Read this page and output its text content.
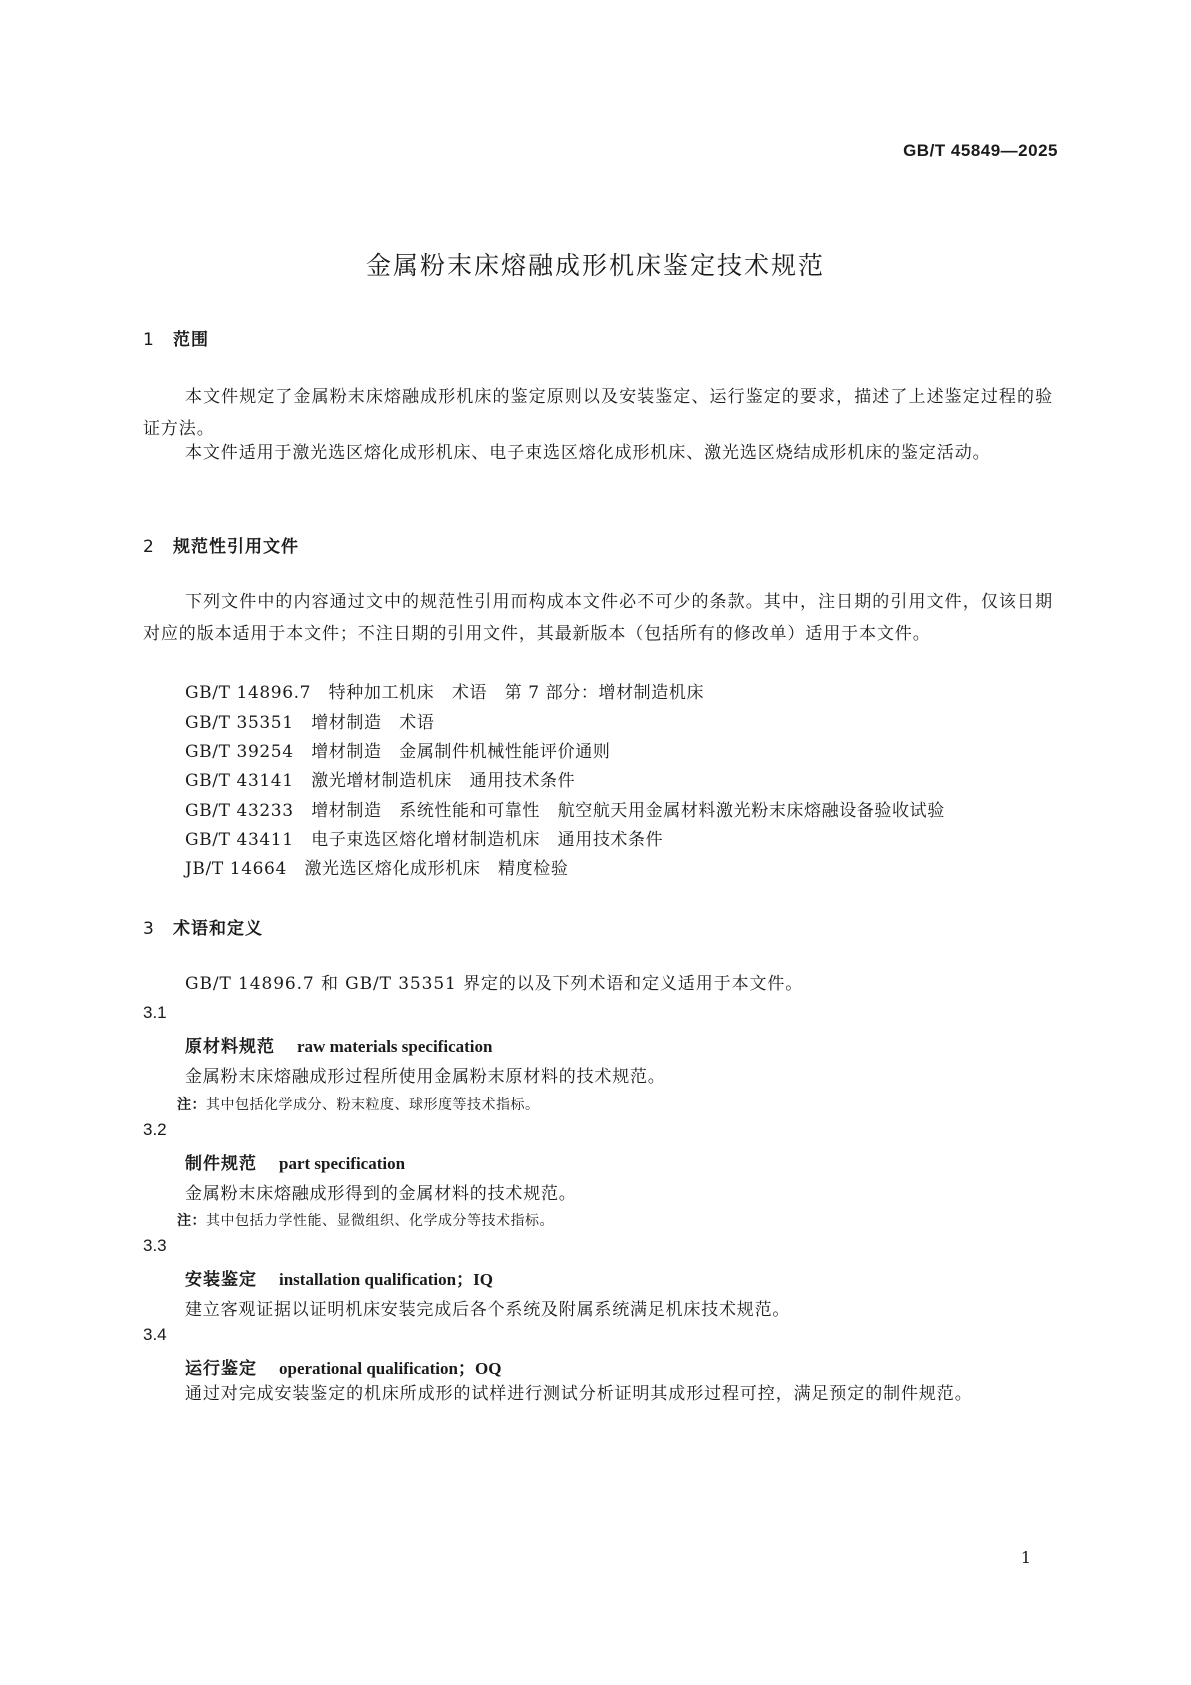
GB/T 45849—2025
金属粉末床熔融成形机床鉴定技术规范
1 范围
本文件规定了金属粉末床熔融成形机床的鉴定原则以及安装鉴定、运行鉴定的要求，描述了上述鉴定过程的验证方法。
本文件适用于激光选区熔化成形机床、电子束选区熔化成形机床、激光选区烧结成形机床的鉴定活动。
2 规范性引用文件
下列文件中的内容通过文中的规范性引用而构成本文件必不可少的条款。其中，注日期的引用文件，仅该日期对应的版本适用于本文件；不注日期的引用文件，其最新版本（包括所有的修改单）适用于本文件。
GB/T 14896.7　特种加工机床　术语　第 7 部分：增材制造机床
GB/T 35351　增材制造　术语
GB/T 39254　增材制造　金属制件机械性能评价通则
GB/T 43141　激光增材制造机床　通用技术条件
GB/T 43233　增材制造　系统性能和可靠性　航空航天用金属材料激光粉末床熔融设备验收试验
GB/T 43411　电子束选区熔化增材制造机床　通用技术条件
JB/T 14664　激光选区熔化成形机床　精度检验
3 术语和定义
GB/T 14896.7 和 GB/T 35351 界定的以及下列术语和定义适用于本文件。
3.1
原材料规范 raw materials specification
金属粉末床熔融成形过程所使用金属粉末原材料的技术规范。
注：其中包括化学成分、粉末粒度、球形度等技术指标。
3.2
制件规范 part specification
金属粉末床熔融成形得到的金属材料的技术规范。
注：其中包括力学性能、显微组织、化学成分等技术指标。
3.3
安装鉴定 installation qualification；IQ
建立客观证据以证明机床安装完成后各个系统及附属系统满足机床技术规范。
3.4
运行鉴定 operational qualification；OQ
通过对完成安装鉴定的机床所成形的试样进行测试分析证明其成形过程可控，满足预定的制件规范。
1
